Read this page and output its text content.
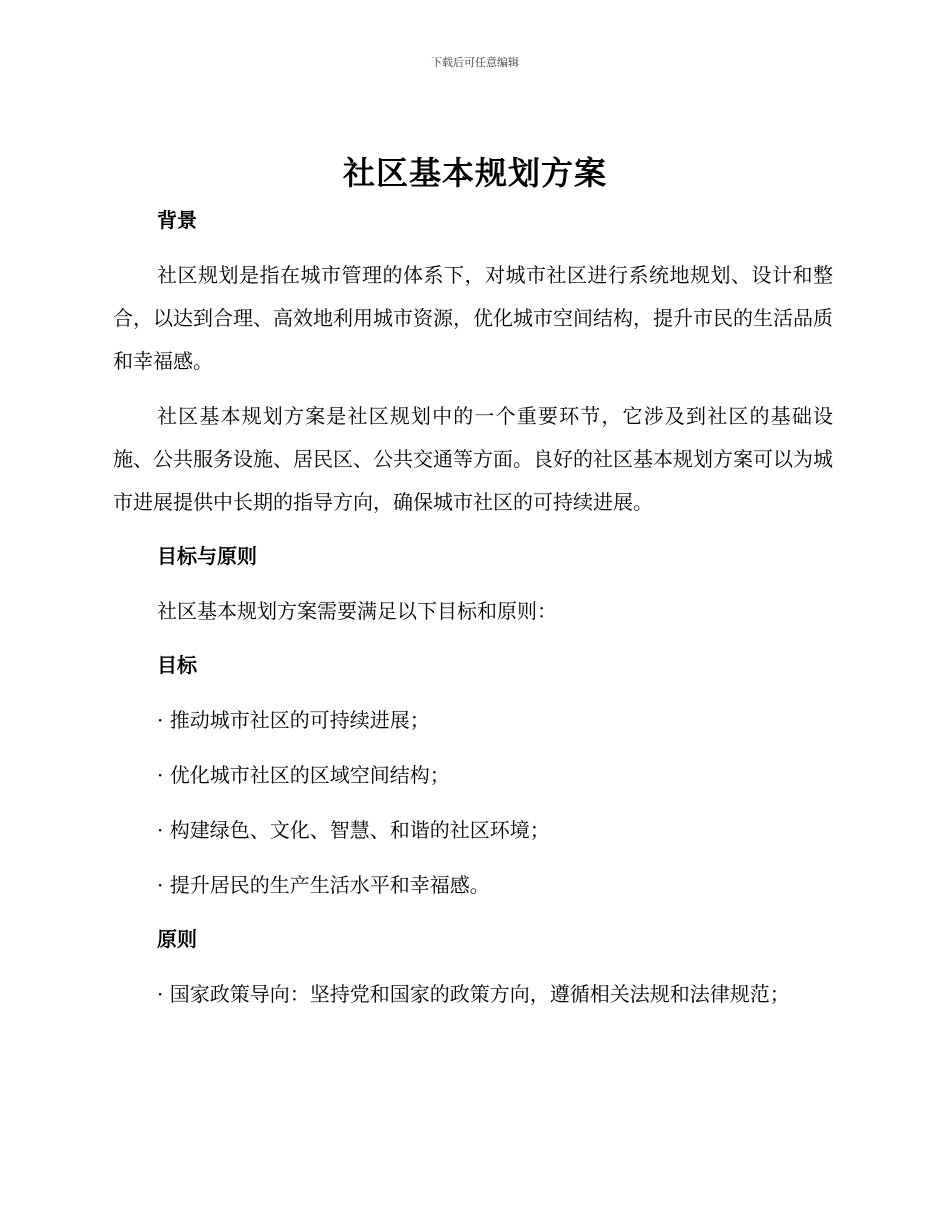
下载后可任意编辑
社区基本规划方案
背景

社区规划是指在城市管理的体系下，对城市社区进行系统地规划、设计和整合，以达到合理、高效地利用城市资源，优化城市空间结构，提升市民的生活品质和幸福感。

社区基本规划方案是社区规划中的一个重要环节，它涉及到社区的基础设施、公共服务设施、居民区、公共交通等方面。良好的社区基本规划方案可以为城市进展提供中长期的指导方向，确保城市社区的可持续进展。

目标与原则

社区基本规划方案需要满足以下目标和原则：

目标
· 推动城市社区的可持续进展；
· 优化城市社区的区域空间结构；
· 构建绿色、文化、智慧、和谐的社区环境；
· 提升居民的生产生活水平和幸福感。
原则

· 国家政策导向：坚持党和国家的政策方向，遵循相关法规和法律规范；
